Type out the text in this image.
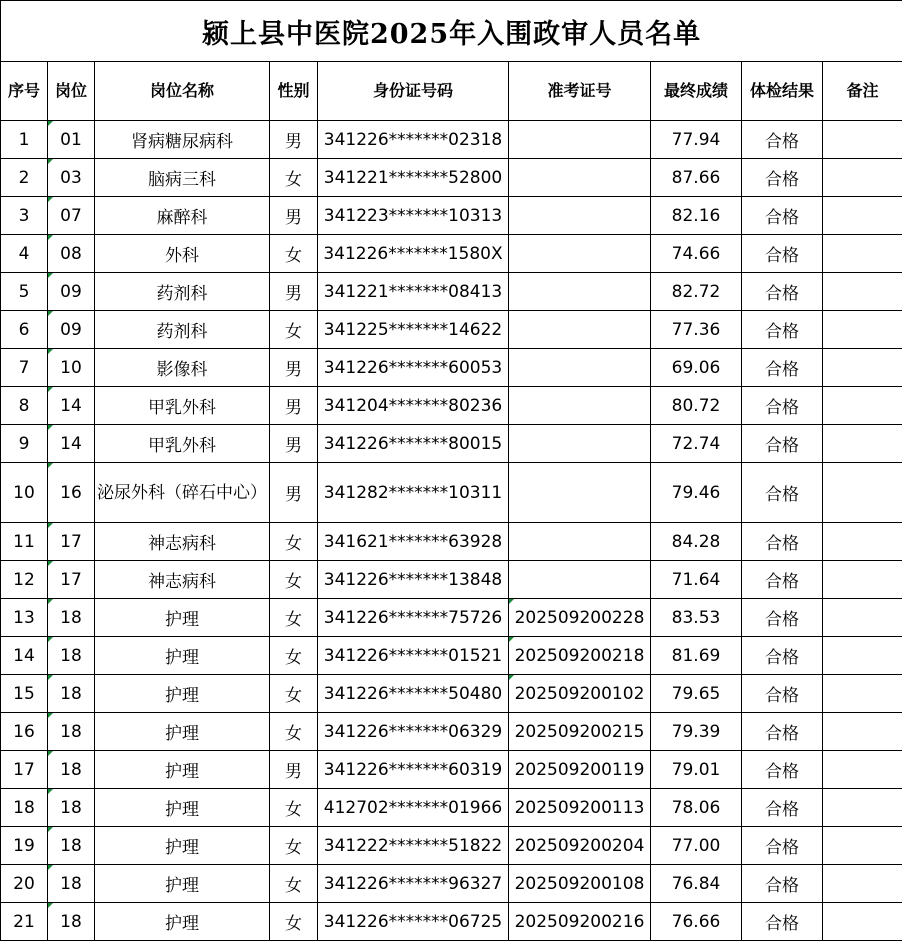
颍上县中医院2025年入围政审人员名单								
序号	岗位	岗位名称	性别	身份证号码	准考证号	最终成绩	体检结果	备注
1	01	肾病糖尿病科	男	341226*******02318		77.94	合格	
2	03	脑病三科	女	341221*******52800		87.66	合格	
3	07	麻醉科	男	341223*******10313		82.16	合格	
4	08	外科	女	341226*******1580X		74.66	合格	
5	09	药剂科	男	341221*******08413		82.72	合格	
6	09	药剂科	女	341225*******14622		77.36	合格	
7	10	影像科	男	341226*******60053		69.06	合格	
8	14	甲乳外科	男	341204*******80236		80.72	合格	
9	14	甲乳外科	男	341226*******80015		72.74	合格	
10	16	泌尿外科（碎石中心）	男	341282*******10311		79.46	合格	
11	17	神志病科	女	341621*******63928		84.28	合格	
12	17	神志病科	女	341226*******13848		71.64	合格	
13	18	护理	女	341226*******75726	202509200228	83.53	合格	
14	18	护理	女	341226*******01521	202509200218	81.69	合格	
15	18	护理	女	341226*******50480	202509200102	79.65	合格	
16	18	护理	女	341226*******06329	202509200215	79.39	合格	
17	18	护理	男	341226*******60319	202509200119	79.01	合格	
18	18	护理	女	412702*******01966	202509200113	78.06	合格	
19	18	护理	女	341222*******51822	202509200204	77.00	合格	
20	18	护理	女	341226*******96327	202509200108	76.84	合格	
21	18	护理	女	341226*******06725	202509200216	76.66	合格	
